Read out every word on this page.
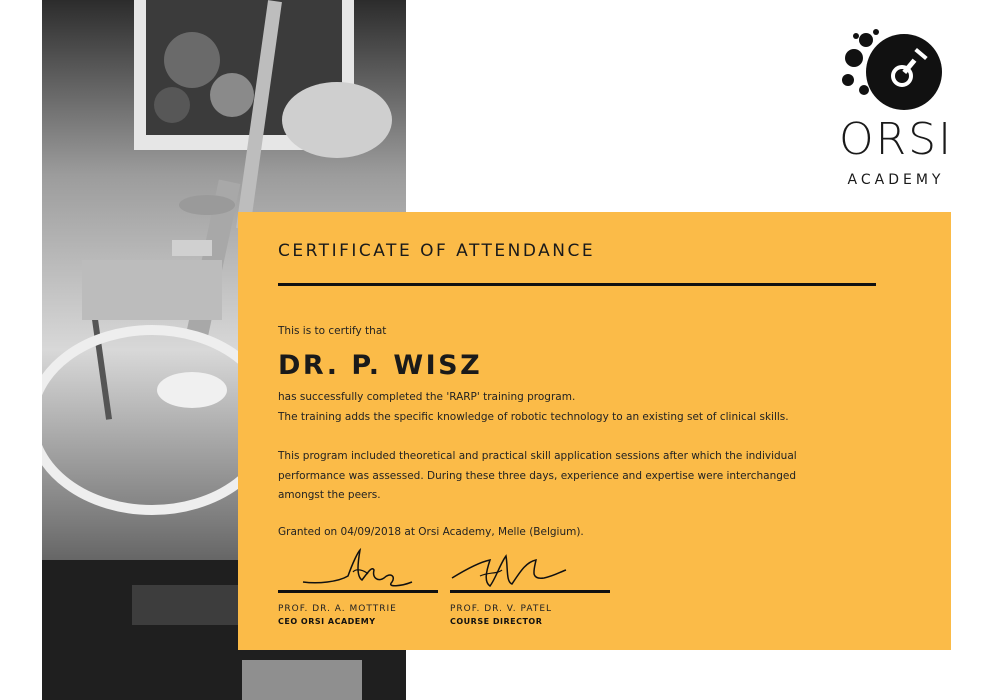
ORSI
ACADEMY
CERTIFICATE OF ATTENDANCE
This is to certify that
DR. P. WISZ
has successfully completed the 'RARP' training program.
The training adds the specific knowledge of robotic technology to an existing set of clinical skills.
This program included theoretical and practical skill application sessions after which the individual
performance was assessed. During these three days, experience and expertise were interchanged
amongst the peers.
Granted on 04/09/2018 at Orsi Academy, Melle (Belgium).
PROF. DR. A. MOTTRIE
CEO ORSI ACADEMY
PROF. DR. V. PATEL
COURSE DIRECTOR
